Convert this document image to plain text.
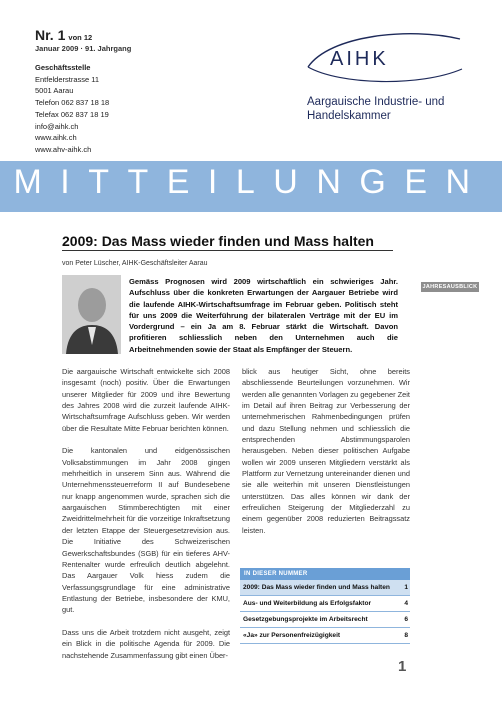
Nr. 1 von 12
Januar 2009 · 91. Jahrgang
Geschäftsstelle
Entfelderstrasse 11
5001 Aarau
Telefon 062 837 18 18
Telefax 062 837 18 19
info@aihk.ch
www.aihk.ch
www.ahv-aihk.ch
AIHK
Aargauische Industrie- und
Handelskammer
MITTEILUNGEN
2009: Das Mass wieder finden und Mass halten
von Peter Lüscher, AIHK-Geschäftsleiter Aarau
Gemäss Prognosen wird 2009 wirtschaftlich ein schwieriges Jahr. Aufschluss über die konkreten Erwartungen der Aargauer Betriebe wird die laufende AIHK-Wirtschaftsumfrage im Februar geben. Politisch steht für uns 2009 die Weiterführung der bilateralen Verträge mit der EU im Vordergrund – ein Ja am 8. Februar stärkt die Wirtschaft. Davon profitieren schliesslich neben den Unternehmen auch die Arbeitnehmenden sowie der Staat als Empfänger der Steuern.
JAHRESAUSBLICK

Die aargauische Wirtschaft entwickelte sich 2008 insgesamt (noch) positiv. Über die Erwartungen unserer Mitglieder für 2009 und ihre Bewertung des Jahres 2008 wird die zurzeit laufende AIHK-Wirtschaftsumfrage Aufschluss geben. Wir werden über die Resultate Mitte Februar berichten können.

Die kantonalen und eidgenössischen Volksabstimmungen im Jahr 2008 gingen mehrheitlich in unserem Sinn aus. Während die Unternehmenssteuerreform II auf Bundesebene nur knapp angenommen wurde, sprachen sich die aargauischen Stimmberechtigten mit einer Zweidrittelmehrheit für die vorzeitige Inkraftsetzung der letzten Etappe der Steuergesetzrevision aus. Die Initiative des Schweizerischen Gewerkschaftsbundes (SGB) für ein tieferes AHV-Rentenalter wurde erfreulich deutlich abgelehnt. Das Aargauer Volk hiess zudem die Verfassungsgrundlage für eine administrative Entlastung der Betriebe, insbesondere der KMU, gut.

Dass uns die Arbeit trotzdem nicht ausgeht, zeigt ein Blick in die politische Agenda für 2009. Die nachstehende Zusammenfassung gibt einen Über-

blick aus heutiger Sicht, ohne bereits abschliessende Beurteilungen vorzunehmen. Wir werden alle genannten Vorlagen zu gegebener Zeit im Detail auf ihren Beitrag zur Verbesserung der unternehmerischen Rahmenbedingungen prüfen und dazu Stellung nehmen und schliesslich die entsprechenden Abstimmungsparolen herausgeben. Neben dieser politischen Aufgabe wollen wir 2009 unseren Mitgliedern verstärkt als Plattform zur Vernetzung untereinander dienen und sie alle weiterhin mit unseren Dienstleistungen unterstützen. Das alles können wir dank der erfreulichen Steigerung der Mitgliederzahl zu einem gegenüber 2008 reduzierten Beitragssatz leisten.

IN DIESER NUMMER
2009: Das Mass wieder finden und Mass halten 1
Aus- und Weiterbildung als Erfolgsfaktor	4
Gesetzgebungsprojekte im Arbeitsrecht	6
«Ja» zur Personenfreizügigkeit	8
1
